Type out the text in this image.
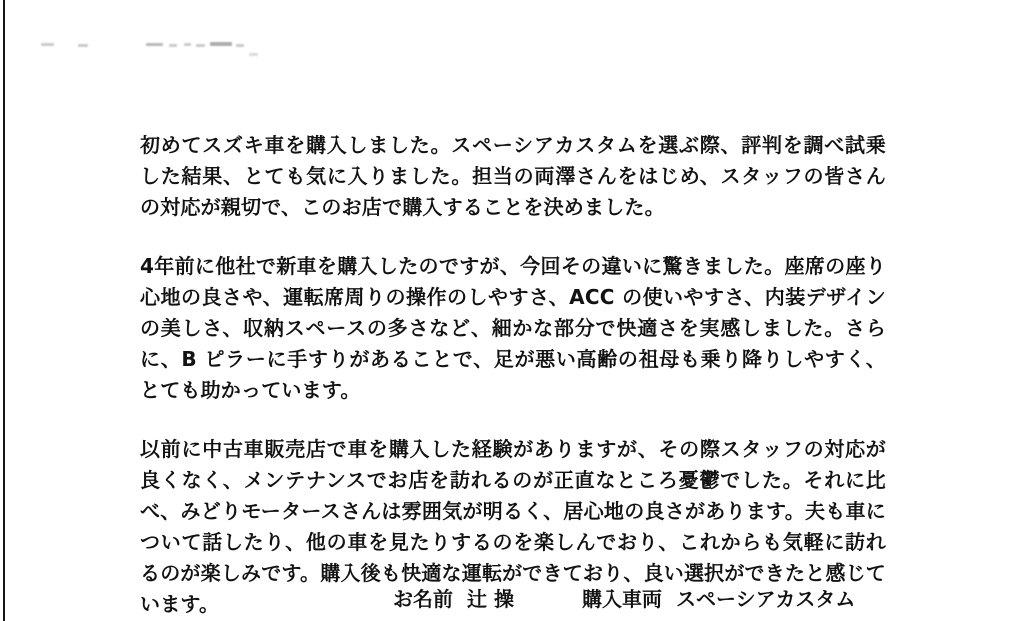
初めてスズキ車を購入しました。スペーシアカスタムを選ぶ際、評判を調べ試乗した結果、とても気に入りました。担当の両澤さんをはじめ、スタッフの皆さんの対応が親切で、このお店で購入することを決めました。

4年前に他社で新車を購入したのですが、今回その違いに驚きました。座席の座り心地の良さや、運転席周りの操作のしやすさ、ACC の使いやすさ、内装デザインの美しさ、収納スペースの多さなど、細かな部分で快適さを実感しました。さらに、B ピラーに手すりがあることで、足が悪い高齢の祖母も乗り降りしやすく、とても助かっています。

以前に中古車販売店で車を購入した経験がありますが、その際スタッフの対応が良くなく、メンテナンスでお店を訪れるのが正直なところ憂鬱でした。それに比べ、みどりモータースさんは雰囲気が明るく、居心地の良さがあります。夫も車について話したり、他の車を見たりするのを楽しんでおり、これからも気軽に訪れるのが楽しみです。購入後も快適な運転ができており、良い選択ができたと感じています。	お名前 辻 操	購入車両 スペーシアカスタム
